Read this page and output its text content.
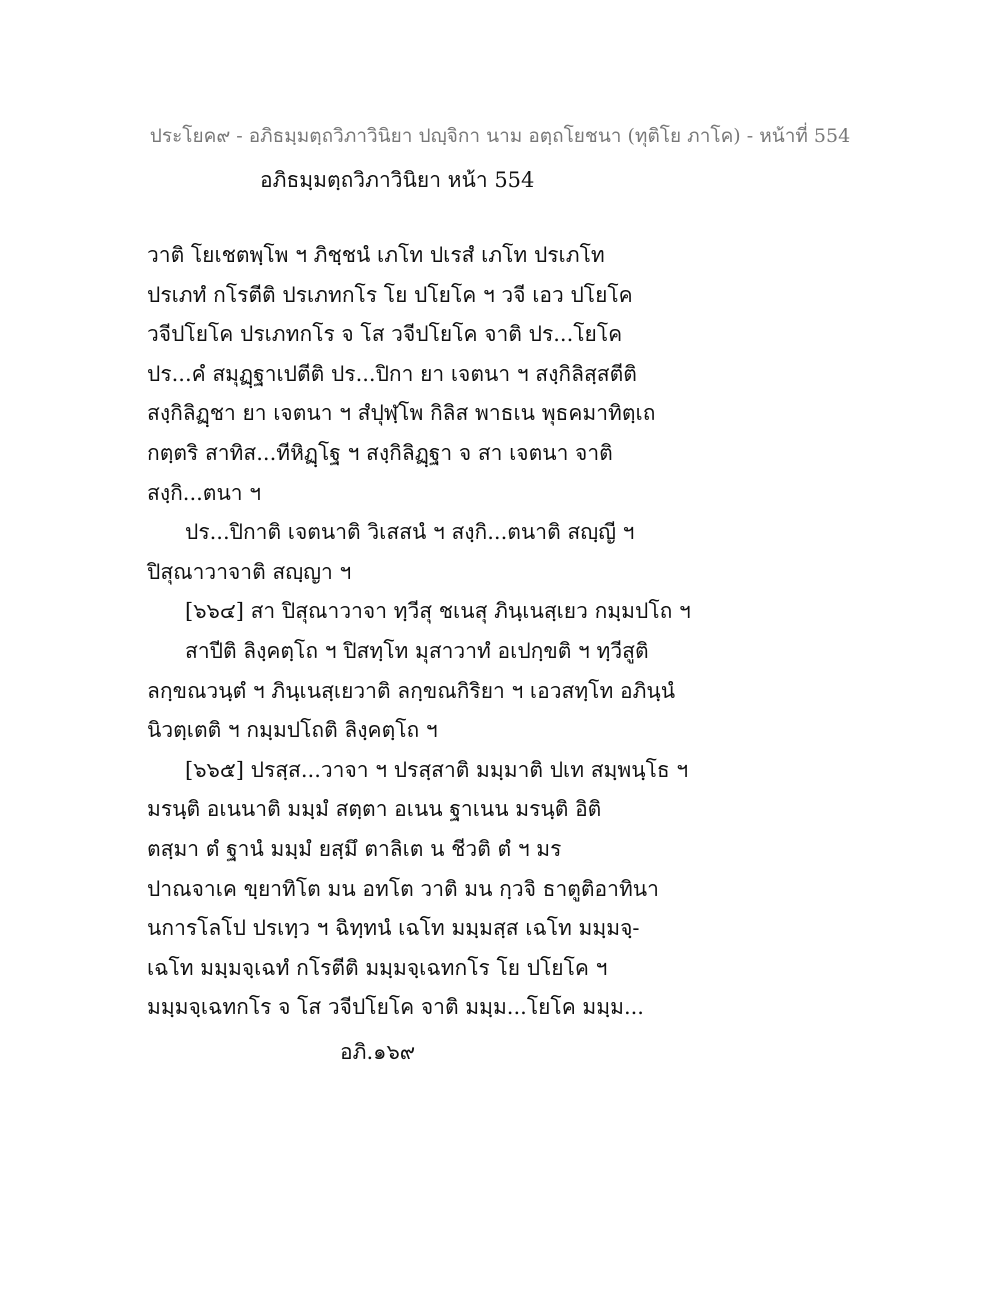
ประโยค๙ - อภิธมฺมตฺถวิภาวินิยา ปญฺจิกา นาม อตฺถโยชนา (ทุติโย ภาโค) - หน้าที่ 554
อภิธมฺมตฺถวิภาวินิยา หน้า 554
วาติ โยเชตพฺโพ ฯ ภิชฺชนํ เภโท ปเรสํ เภโท ปรเภโท
ปรเภทํ กโรตีติ ปรเภทกโร โย ปโยโค ฯ วจี เอว ปโยโค
วจีปโยโค ปรเภทกโร จ โส วจีปโยโค จาติ ปร...โยโค
ปร...คํ สมุฏฺฐาเปตีติ ปร...ปิกา ยา เจตนา ฯ สงฺกิลิสฺสตีติ
สงฺกิลิฏฺชา ยา เจตนา ฯ สํปุฬฺโพ กิลิส พาธเน พุธคมาทิตฺเถ
กตฺตริ สาทิส...ทีหิฏฺโฐ ฯ สงฺกิลิฏฺฐา จ สา เจตนา จาติ
สงฺกิ...ตนา ฯ
ปร...ปิกาติ เจตนาติ วิเสสนํ ฯ สงฺกิ...ตนาติ สญฺญี ฯ
ปิสุณาวาจาติ สญฺญา ฯ
[๖๖๔] สา ปิสุณาวาจา ทฺวีสุ ชเนสุ ภินฺเนสฺเยว กมฺมปโถ ฯ
สาปีติ ลิงฺคตฺโถ ฯ ปิสทฺโท มุสาวาทํ อเปกฺขติ ฯ ทฺวีสูติ
ลกฺขณวนฺตํ ฯ ภินฺเนสฺเยวาติ ลกฺขณกิริยา ฯ เอวสทฺโท อภินฺนํ
นิวตฺเตติ ฯ กมฺมปโถติ ลิงฺคตฺโถ ฯ
[๖๖๕] ปรสฺส...วาจา ฯ ปรสฺสาติ มมฺมาติ ปเท สมฺพนฺโธ ฯ
มรนฺติ อเนนาติ มมฺมํ สตฺตา อเนน ฐาเนน มรนฺติ อิติ
ตสฺมา ตํ ฐานํ มมฺมํ ยสฺมึ ตาลิเต น ชีวติ ตํ ฯ มร
ปาณจาเค ขฺยาทิโต มน อทโต วาติ มน กฺวจิ ธาตูติอาทินา
นการโลโป ปรเทฺว ฯ ฉิทฺทนํ เฉโท มมฺมสฺส เฉโท มมฺมจฺ-
เฉโท มมฺมจฺเฉทํ กโรตีติ มมฺมจฺเฉทกโร โย ปโยโค ฯ
มมฺมจฺเฉทกโร จ โส วจีปโยโค จาติ มมฺม...โยโค มมฺม...
อภิ.๑๖๙
